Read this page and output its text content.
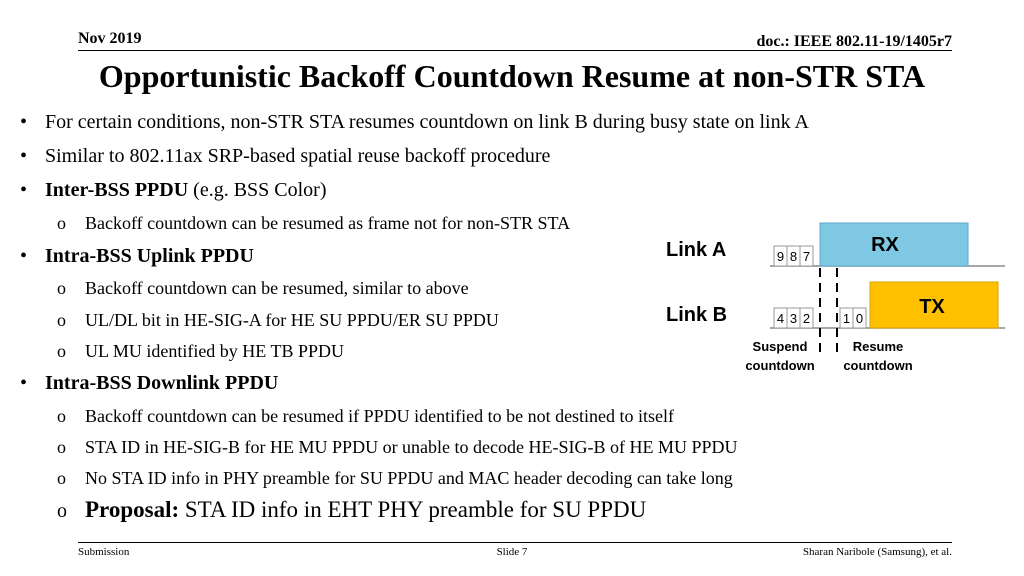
Nov 2019	doc.: IEEE 802.11-19/1405r7
Opportunistic Backoff Countdown Resume at non-STR STA
• For certain conditions, non-STR STA resumes countdown on link B during busy state on link A
• Similar to 802.11ax SRP-based spatial reuse backoff procedure
• Inter-BSS PPDU (e.g. BSS Color)
o Backoff countdown can be resumed as frame not for non-STR STA
• Intra-BSS Uplink PPDU
o Backoff countdown can be resumed, similar to above
o UL/DL bit in HE-SIG-A for HE SU PPDU/ER SU PPDU
o UL MU identified by HE TB PPDU
• Intra-BSS Downlink PPDU
o Backoff countdown can be resumed if PPDU identified to be not destined to itself
o STA ID in HE-SIG-B for HE MU PPDU or unable to decode HE-SIG-B of HE MU PPDU
o No STA ID info in PHY preamble for SU PPDU and MAC header decoding can take long
o Proposal: STA ID info in EHT PHY preamble for SU PPDU
Link A
Link B
9 8 7
RX
4 3 2	1 0
TX
Suspend
countdown
Resume
countdown
Submission	Slide 7	Sharan Naribole (Samsung), et al.
